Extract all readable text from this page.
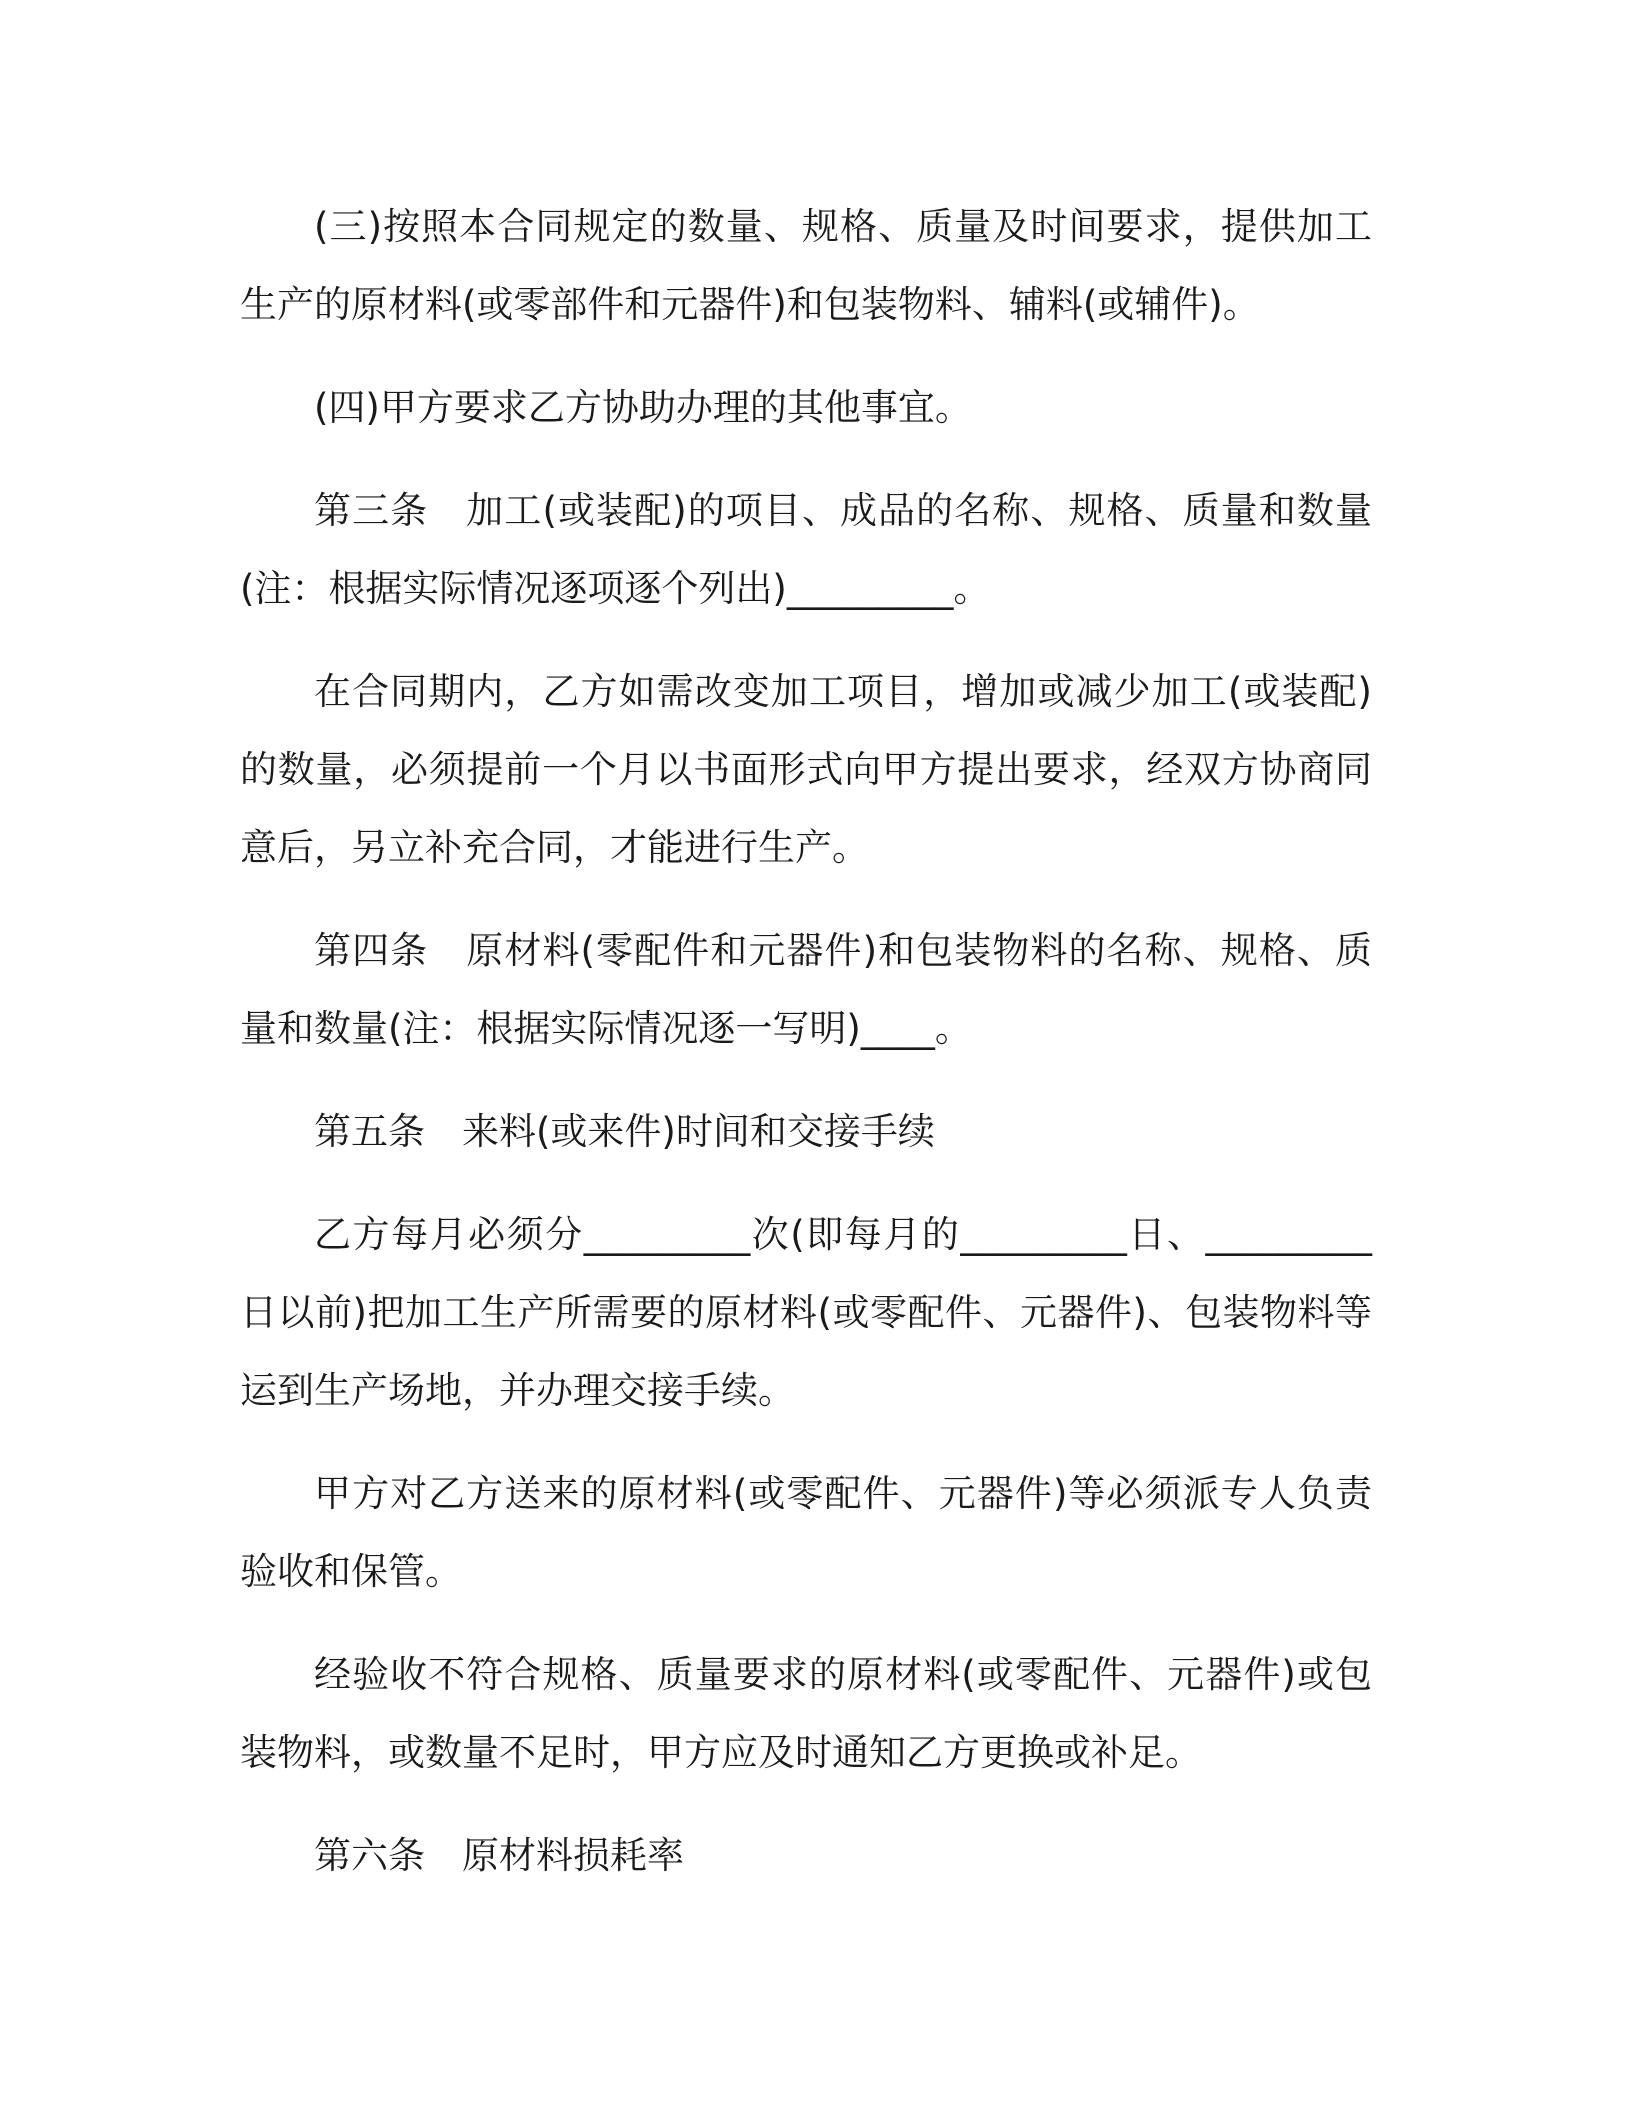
(三)按照本合同规定的数量、规格、质量及时间要求，提供加工生产的原材料(或零部件和元器件)和包装物料、辅料(或辅件)。

(四)甲方要求乙方协助办理的其他事宜。

第三条　加工(或装配)的项目、成品的名称、规格、质量和数量(注：根据实际情况逐项逐个列出)_________。

在合同期内，乙方如需改变加工项目，增加或减少加工(或装配)的数量，必须提前一个月以书面形式向甲方提出要求，经双方协商同意后，另立补充合同，才能进行生产。

第四条　原材料(零配件和元器件)和包装物料的名称、规格、质量和数量(注：根据实际情况逐一写明)____。

第五条　来料(或来件)时间和交接手续

乙方每月必须分_________次(即每月的_________日、_________日以前)把加工生产所需要的原材料(或零配件、元器件)、包装物料等运到生产场地，并办理交接手续。

甲方对乙方送来的原材料(或零配件、元器件)等必须派专人负责验收和保管。

经验收不符合规格、质量要求的原材料(或零配件、元器件)或包装物料，或数量不足时，甲方应及时通知乙方更换或补足。

第六条　原材料损耗率
